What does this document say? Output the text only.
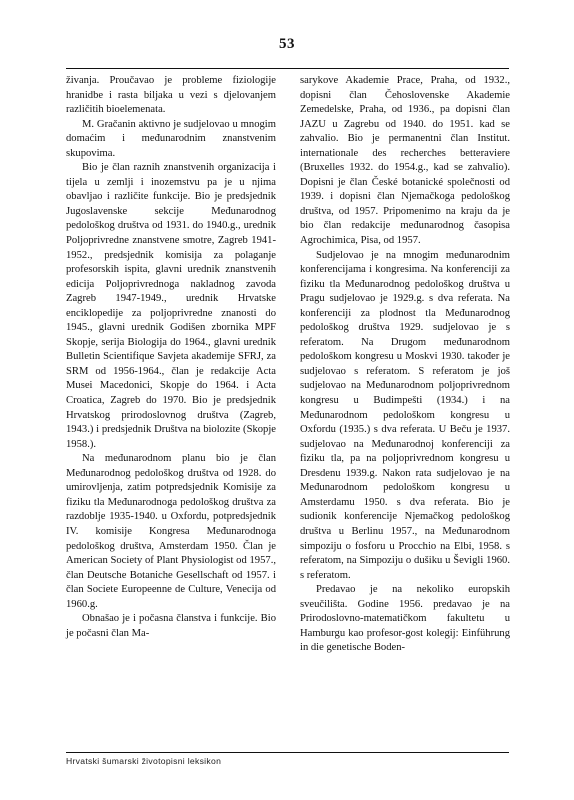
53

živanja. Proučavao je probleme fiziologije hranidbe i rasta biljaka u vezi s djelovanjem različitih bioelemenata.

M. Gračanin aktivno je sudjelovao u mnogim domaćim i međunarodnim znanstvenim skupovima.

Bio je član raznih znanstvenih organizacija i tijela u zemlji i inozemstvu pa je u njima obavljao i različite funkcije. Bio je predsjednik Jugoslavenske sekcije Međunarodnog pedološkog društva od 1931. do 1940.g., urednik Poljoprivredne znanstvene smotre, Zagreb 1941-1952., predsjednik komisija za polaganje profesorskih ispita, glavni urednik znanstvenih edicija Poljoprivrednoga nakladnog zavoda Zagreb 1947-1949., urednik Hrvatske enciklopedije za poljoprivredne znanosti do 1945., glavni urednik Godišen zbornika MPF Skopje, serija Biologija do 1964., glavni urednik Bulletin Scientifique Savjeta akademije SFRJ, za SRM od 1956-1964., član je redakcije Acta Musei Macedonici, Skopje do 1964. i Acta Croatica, Zagreb do 1970. Bio je predsjednik Hrvatskog prirodoslovnog društva (Zagreb, 1943.) i predsjednik Društva na biolozite (Skopje 1958.).

Na međunarodnom planu bio je član Međunarodnog pedološkog društva od 1928. do umirovljenja, zatim potpredsjednik Komisije za fiziku tla Međunarodnoga pedološkog društva za razdoblje 1935-1940. u Oxfordu, potpredsjednik IV. komisije Kongresa Međunarodnoga pedološkog društva, Amsterdam 1950. Član je American Society of Plant Physiologist od 1957., član Deutsche Botaniche Gesellschaft od 1957. i član Societe Europeenne de Culture, Venecija od 1960.g.

Obnašao je i počasna članstva i funkcije. Bio je počasni član Ma-

sarykove Akademie Prace, Praha, od 1932., dopisni član Čehoslovenske Akademie Zemedelske, Praha, od 1936., pa dopisni član JAZU u Zagrebu od 1940. do 1951. kad se zahvalio. Bio je permanentni član Institut. internationale des recherches betteraviere (Bruxelles 1932. do 1954.g., kad se zahvalio). Dopisni je član České botanické společnosti od 1939. i dopisni član Njemačkoga pedološkog društva, od 1957. Pripomenimo na kraju da je bio član redakcije međunarodnog časopisa Agrochimica, Pisa, od 1957.

Sudjelovao je na mnogim međunarodnim konferencijama i kongresima. Na konferenciji za fiziku tla Međunarodnog pedološkog društva u Pragu sudjelovao je 1929.g. s dva referata. Na konferenciji za plodnost tla Međunarodnog pedološkog društva 1929. sudjelovao je s referatom. Na Drugom međunarodnom pedološkom kongresu u Moskvi 1930. također je sudjelovao s referatom. S referatom je još sudjelovao na Međunarodnom poljoprivrednom kongresu u Budimpešti (1934.) i na Međunarodnom pedološkom kongresu u Oxfordu (1935.) s dva referata. U Beču je 1937. sudjelovao na Međunarodnoj konferenciji za fiziku tla, pa na poljoprivrednom kongresu u Dresdenu 1939.g. Nakon rata sudjelovao je na Međunarodnom pedološkom kongresu u Amsterdamu 1950. s dva referata. Bio je sudionik konferencije Njemačkog pedološkog društva u Berlinu 1957., na Međunarodnom simpoziju o fosforu u Procchio na Elbi, 1958. s referatom, na Simpoziju o dušiku u Ševigli 1960. s referatom.

Predavao je na nekoliko europskih sveučilišta. Godine 1956. predavao je na Prirodoslovno-matematičkom fakultetu u Hamburgu kao profesor-gost kolegij: Einführung in die genetische Boden-

Hrvatski šumarski životopisni leksikon
